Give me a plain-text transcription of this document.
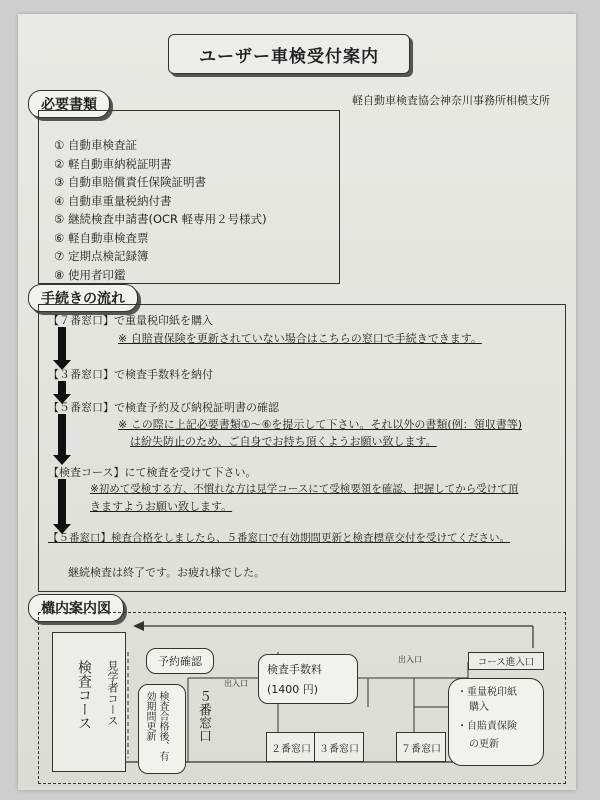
ユーザー車検受付案内
軽自動車検査協会神奈川事務所相模支所
必要書類
① 自動車検査証
② 軽自動車納税証明書
③ 自動車賠償責任保険証明書
④ 自動車重量税納付書
⑤ 継続検査申請書(OCR 軽専用２号様式)
⑥ 軽自動車検査票
⑦ 定期点検記録簿
⑧ 使用者印鑑
手続きの流れ
【７番窓口】で重量税印紙を購入
※ 自賠責保険を更新されていない場合はこちらの窓口で手続きできます。
【３番窓口】で検査手数料を納付
【５番窓口】で検査予約及び納税証明書の確認
※ この際に上記必要書類①～⑥を提示して下さい。それ以外の書類(例：領収書等)
は紛失防止のため、ご自身でお持ち頂くようお願い致します。
【検査コース】にて検査を受けて下さい。
※初めて受検する方、不慣れな方は見学コースにて受検要領を確認、把握してから受けて頂
きますようお願い致します。
【５番窓口】検査合格をしましたら、５番窓口で有効期間更新と検査標章交付を受けてください。
継続検査は終了です。お疲れ様でした。
構内案内図
検査コース 見学者コース	予約確認
検査合格後、有効期間更新	５番窓口
出入口
検査手数料
(1400 円)
出入口	コース進入口
２番窓口 ３番窓口	７番窓口
・重量税印紙
購入
・自賠責保険
の更新
